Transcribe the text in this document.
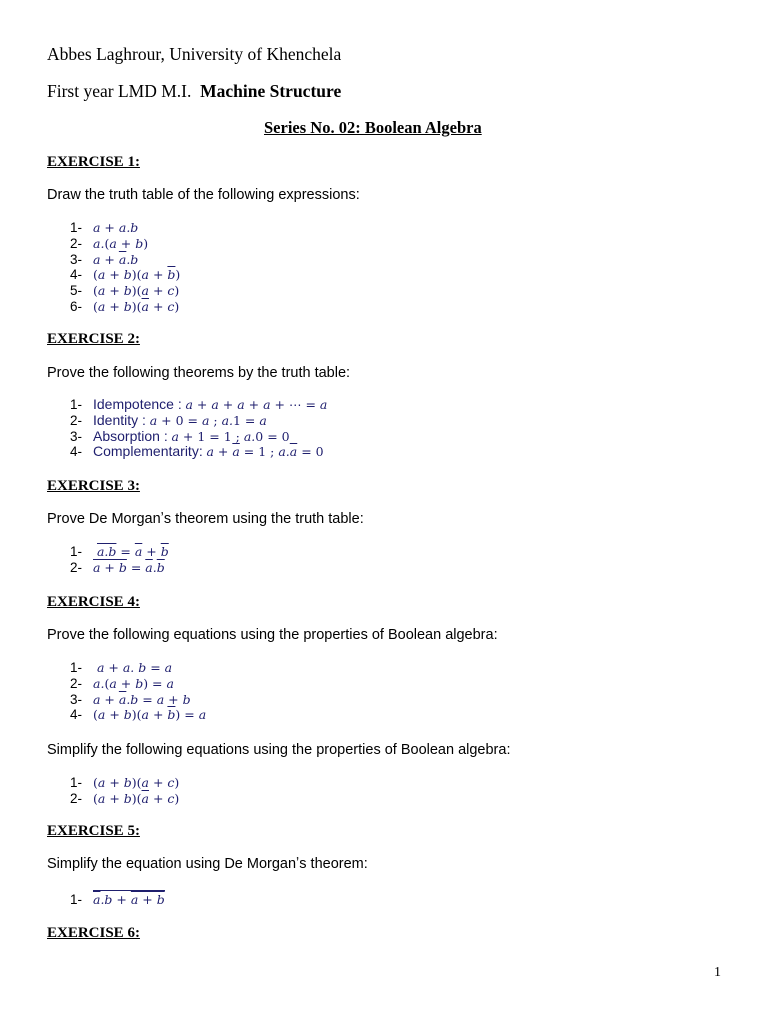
Abbes Laghrour, University of Khenchela
First year LMD M.I. Machine Structure
Series No. 02: Boolean Algebra
EXERCISE 1:
Draw the truth table of the following expressions:
1- a + a.b
2- a.(a + b)
3- $a + \overline{a}.b$
4- $(a + b)(a + \overline{b})$
5- (a + b)(a + c)
6- $(a + b)(\overline{a} + c)$
EXERCISE 2:
Prove the following theorems by the truth table:
1- Idempotence :
a + a + a + a + ⋯ = a
2- Identity :
a + 0 = a ; a.1 = a
3- Absorption :
a + 1 = 1 ; a.0 = 0
4- Complementarity:
$a + \overline{a} = 1$ ; $a.\overline{a} = 0$
EXERCISE 3:
Prove De Morganʼs theorem using the truth table:
1-	$a.b = \overline{a} + \overline{b}$
2- $a + b = \overline{a}.\overline{b}$
EXERCISE 4:
Prove the following equations using the properties of Boolean algebra:
1- a + a. b = a
2- a.(a + b) = a
3- $a + \overline{a}.b = a + b$
4- $(a + b)(a + \overline{b}) = a$
Simplify the following equations using the properties of Boolean algebra:
1- (a + b)(a + c)
2- $(a + b)(\overline{a} + c)$
EXERCISE 5:
Simplify the equation using De Morganʼs theorem:
1- $\overline{a}.b + a + b$
EXERCISE 6:
1
